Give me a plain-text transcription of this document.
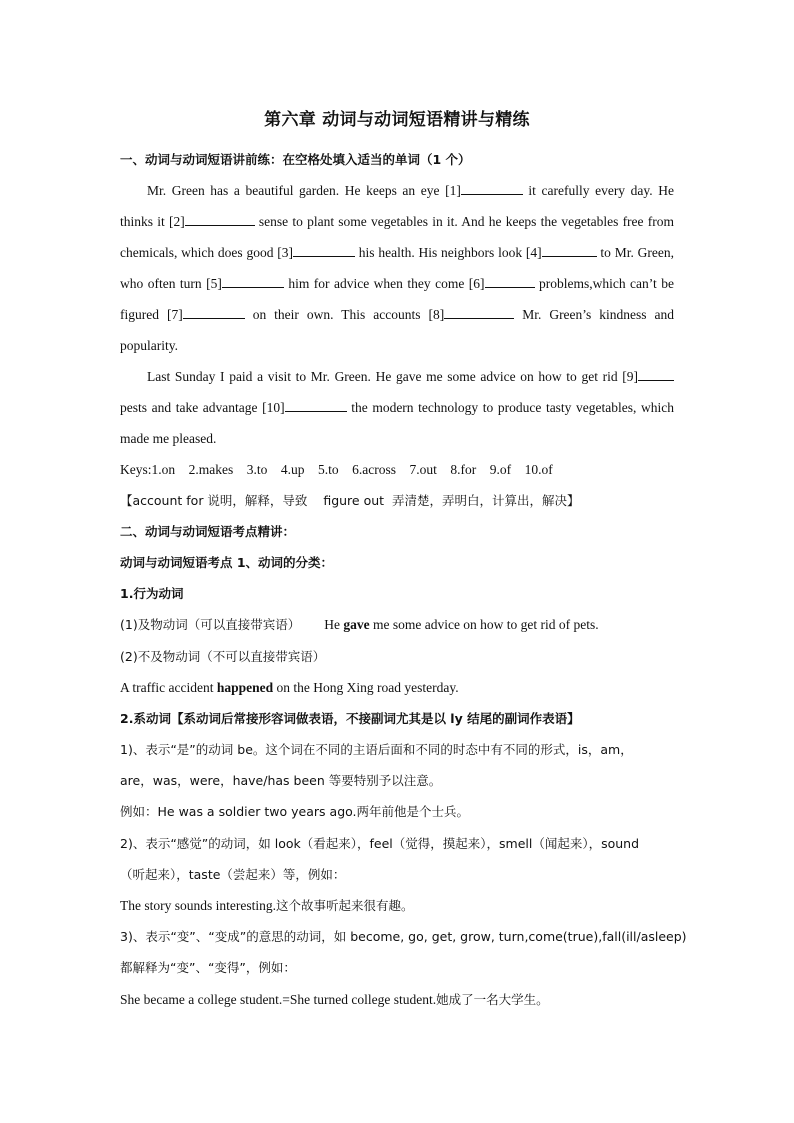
第六章 动词与动词短语精讲与精练

一、动词与动词短语讲前练：在空格处填入适当的单词（1 个）

Mr. Green has a beautiful garden. He keeps an eye [1]	it carefully every day. He thinks it [2]	sense to plant some vegetables in it. And he keeps the vegetables free from chemicals, which does good [3]	his health. His neighbors look [4]	to Mr. Green, who often turn [5]	him for advice when they come [6]	problems,which can’t be figured [7]	on their own. This accounts [8]	Mr. Green’s kindness and popularity.

Last Sunday I paid a visit to Mr. Green. He gave me some advice on how to get rid [9]pests and take advantage [10]	the modern technology to produce tasty vegetables, which made me pleased.

Keys:1.on    2.makes    3.to    4.up    5.to    6.across    7.out    8.for    9.of    10.of

【account for 说明，解释，导致    figure out  弄清楚，弄明白，计算出，解决】

二、动词与动词短语考点精讲：

动词与动词短语考点 1、动词的分类：

1.行为动词

(1)及物动词（可以直接带宾语） He gave me some advice on how to get rid of pets.

(2)不及物动词（不可以直接带宾语）

A traffic accident happened on the Hong Xing road yesterday.

2.系动词【系动词后常接形容词做表语，不接副词尤其是以 ly 结尾的副词作表语】

1)、表示“是”的动词 be。这个词在不同的主语后面和不同的时态中有不同的形式，is，am，

are，was，were，have/has been 等要特别予以注意。

例如：He was a soldier two years ago.两年前他是个士兵。

2)、表示“感觉”的动词，如 look（看起来），feel（觉得，摸起来），smell（闻起来），sound

（听起来），taste（尝起来）等，例如：

The story sounds interesting.这个故事听起来很有趣。

3)、表示“变”、“变成”的意思的动词，如 become, go, get, grow, turn,come(true),fall(ill/asleep)

都解释为“变”、“变得”，例如：

She became a college student.=She turned college student.她成了一名大学生。
